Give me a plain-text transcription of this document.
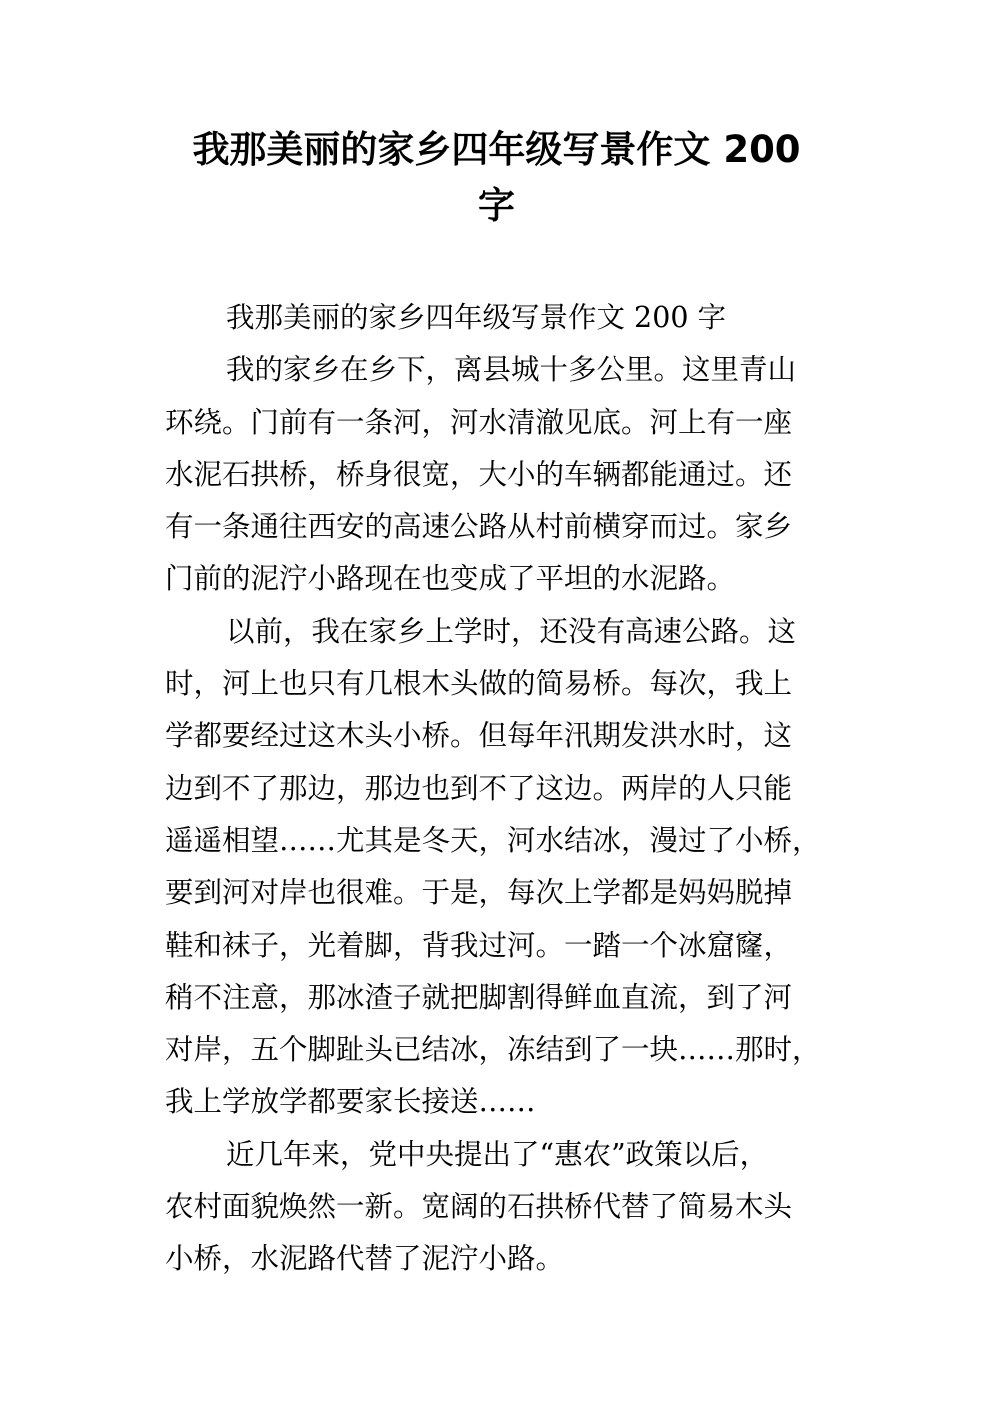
我那美丽的家乡四年级写景作文 200
字
我那美丽的家乡四年级写景作文 200 字
我的家乡在乡下，离县城十多公里。这里青山
环绕。门前有一条河，河水清澈见底。河上有一座
水泥石拱桥，桥身很宽，大小的车辆都能通过。还
有一条通往西安的高速公路从村前横穿而过。家乡
门前的泥泞小路现在也变成了平坦的水泥路。
以前，我在家乡上学时，还没有高速公路。这
时，河上也只有几根木头做的简易桥。每次，我上
学都要经过这木头小桥。但每年汛期发洪水时，这
边到不了那边，那边也到不了这边。两岸的人只能
遥遥相望……尤其是冬天，河水结冰，漫过了小桥，
要到河对岸也很难。于是，每次上学都是妈妈脱掉
鞋和袜子，光着脚，背我过河。一踏一个冰窟窿，
稍不注意，那冰渣子就把脚割得鲜血直流，到了河
对岸，五个脚趾头已结冰，冻结到了一块……那时，
我上学放学都要家长接送……
近几年来，党中央提出了“惠农”政策以后，
农村面貌焕然一新。宽阔的石拱桥代替了简易木头
小桥，水泥路代替了泥泞小路。
